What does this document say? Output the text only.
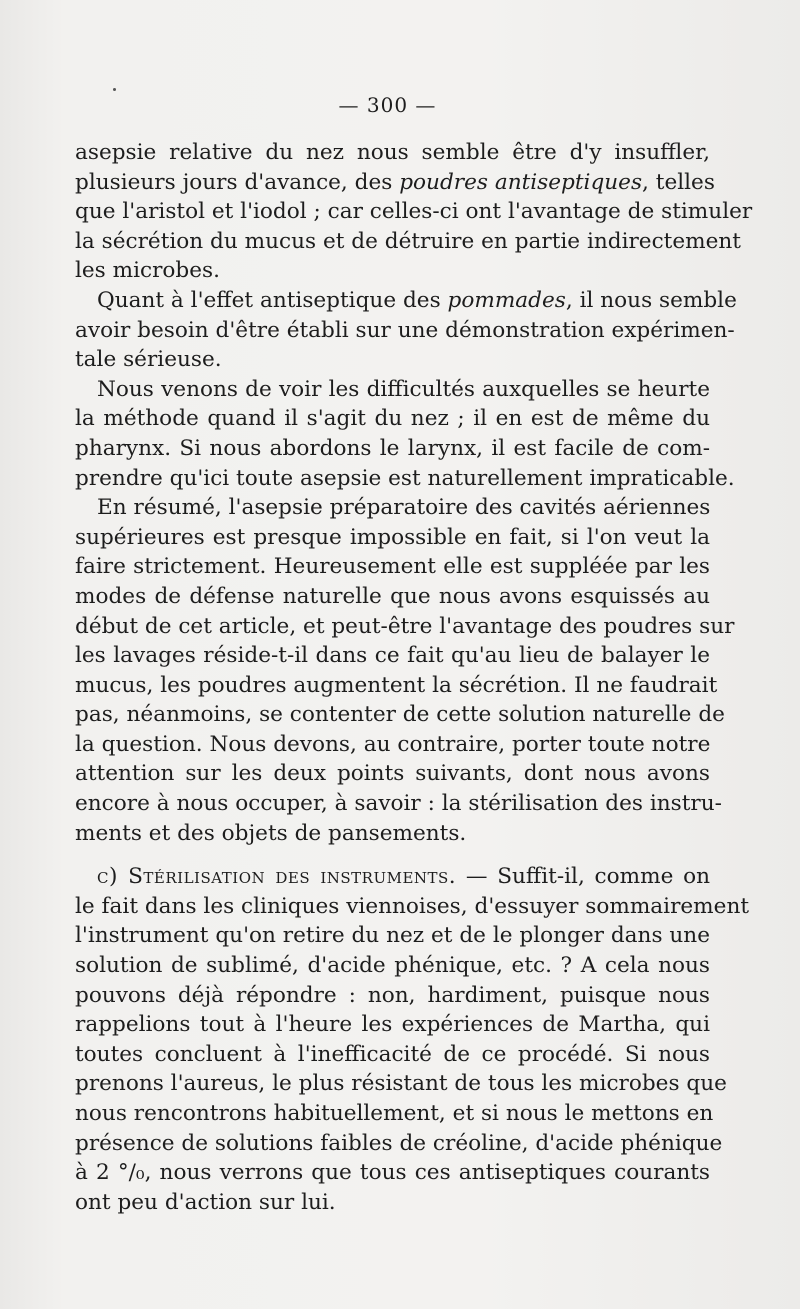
— 300 —

asepsie relative du nez nous semble être d'y insuffler,
plusieurs jours d'avance, des poudres antiseptiques, telles
que l'aristol et l'iodol ; car celles-ci ont l'avantage de stimuler
la sécrétion du mucus et de détruire en partie indirectement
les microbes.

Quant à l'effet antiseptique des pommades, il nous semble
avoir besoin d'être établi sur une démonstration expérimen-
tale sérieuse.

Nous venons de voir les difficultés auxquelles se heurte
la méthode quand il s'agit du nez ; il en est de même du
pharynx. Si nous abordons le larynx, il est facile de com-
prendre qu'ici toute asepsie est naturellement impraticable.

En résumé, l'asepsie préparatoire des cavités aériennes
supérieures est presque impossible en fait, si l'on veut la
faire strictement. Heureusement elle est suppléée par les
modes de défense naturelle que nous avons esquissés au
début de cet article, et peut-être l'avantage des poudres sur
les lavages réside-t-il dans ce fait qu'au lieu de balayer le
mucus, les poudres augmentent la sécrétion. Il ne faudrait
pas, néanmoins, se contenter de cette solution naturelle de
la question. Nous devons, au contraire, porter toute notre
attention sur les deux points suivants, dont nous avons
encore à nous occuper, à savoir : la stérilisation des instru-
ments et des objets de pansements.

c) Stérilisation des instruments. — Suffit-il, comme on
le fait dans les cliniques viennoises, d'essuyer sommairement
l'instrument qu'on retire du nez et de le plonger dans une
solution de sublimé, d'acide phénique, etc. ? A cela nous
pouvons déjà répondre : non, hardiment, puisque nous
rappelions tout à l'heure les expériences de Martha, qui
toutes concluent à l'inefficacité de ce procédé. Si nous
prenons l'aureus, le plus résistant de tous les microbes que
nous rencontrons habituellement, et si nous le mettons en
présence de solutions faibles de créoline, d'acide phénique
à 2 °/₀, nous verrons que tous ces antiseptiques courants
ont peu d'action sur lui.
